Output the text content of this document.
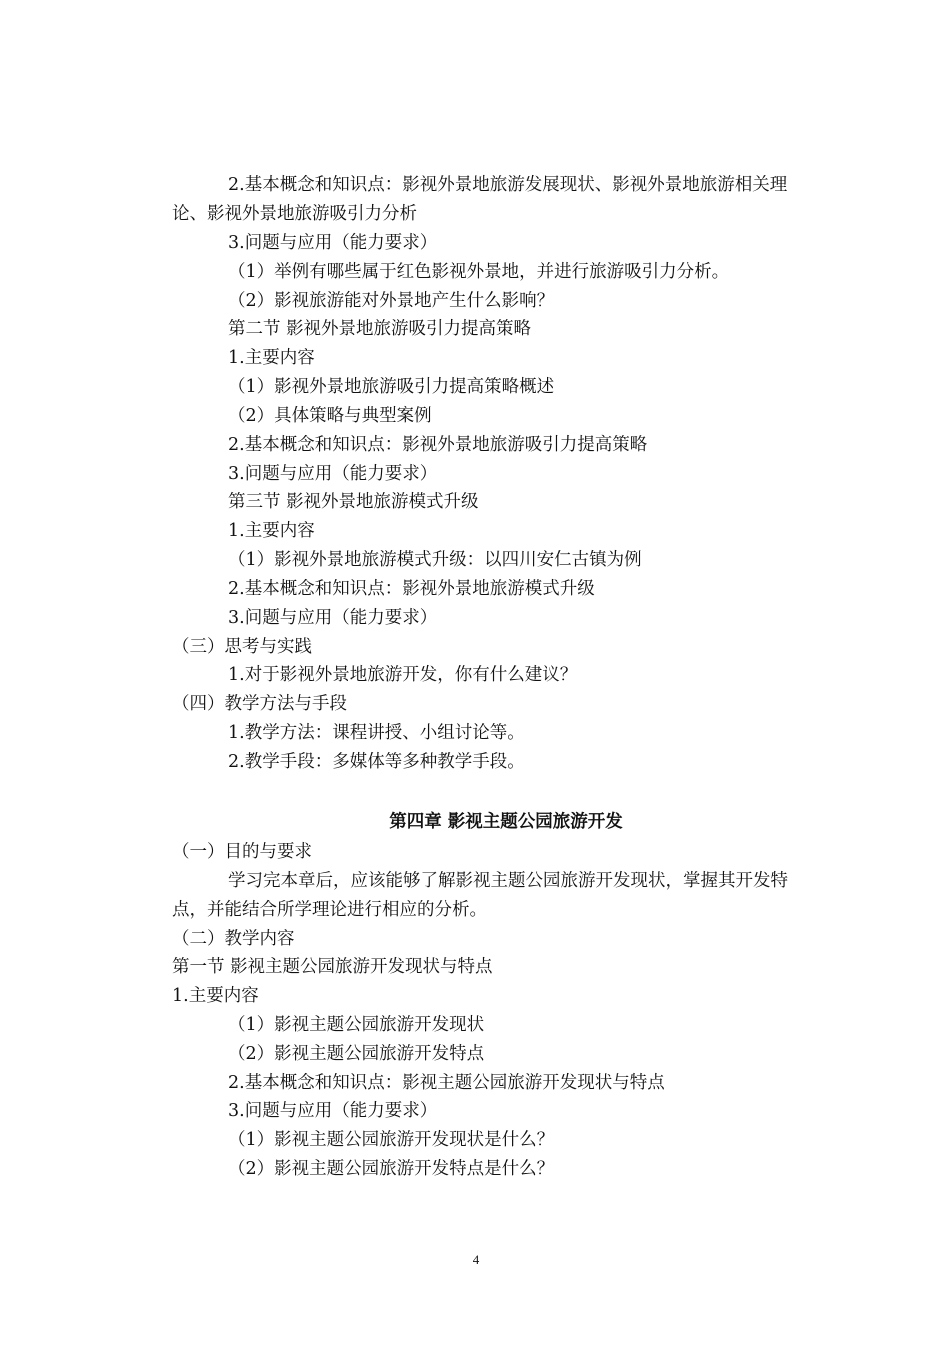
2.基本概念和知识点：影视外景地旅游发展现状、影视外景地旅游相关理
论、影视外景地旅游吸引力分析
3.问题与应用（能力要求）
（1）举例有哪些属于红色影视外景地，并进行旅游吸引力分析。
（2）影视旅游能对外景地产生什么影响？
第二节 影视外景地旅游吸引力提高策略
1.主要内容
（1）影视外景地旅游吸引力提高策略概述
（2）具体策略与典型案例
2.基本概念和知识点：影视外景地旅游吸引力提高策略
3.问题与应用（能力要求）
第三节 影视外景地旅游模式升级
1.主要内容
（1）影视外景地旅游模式升级：以四川安仁古镇为例
2.基本概念和知识点：影视外景地旅游模式升级
3.问题与应用（能力要求）
（三）思考与实践
1.对于影视外景地旅游开发，你有什么建议？
（四）教学方法与手段
1.教学方法：课程讲授、小组讨论等。
2.教学手段：多媒体等多种教学手段。
第四章 影视主题公园旅游开发
（一）目的与要求
学习完本章后，应该能够了解影视主题公园旅游开发现状，掌握其开发特
点，并能结合所学理论进行相应的分析。
（二）教学内容
第一节 影视主题公园旅游开发现状与特点
1.主要内容
（1）影视主题公园旅游开发现状
（2）影视主题公园旅游开发特点
2.基本概念和知识点：影视主题公园旅游开发现状与特点
3.问题与应用（能力要求）
（1）影视主题公园旅游开发现状是什么？
（2）影视主题公园旅游开发特点是什么？
4
